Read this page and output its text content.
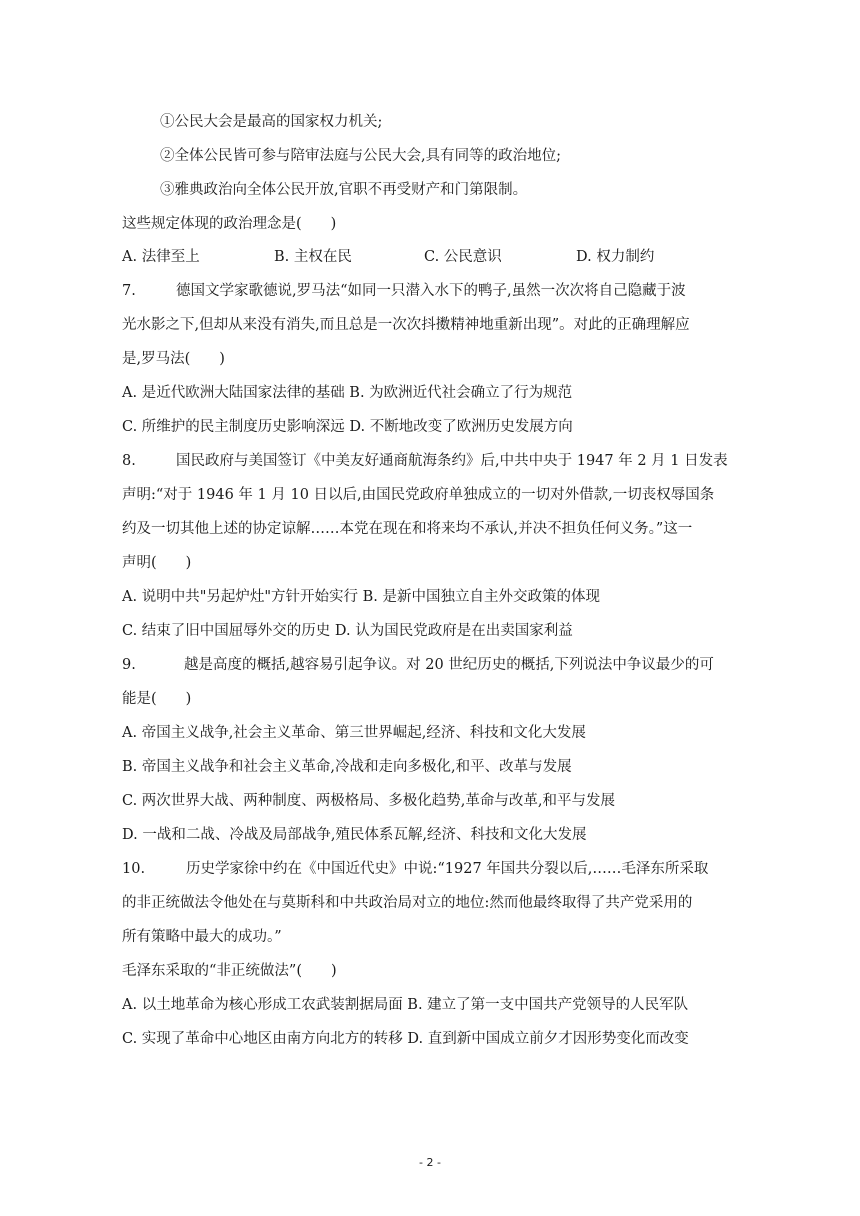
①公民大会是最高的国家权力机关;
②全体公民皆可参与陪审法庭与公民大会,具有同等的政治地位;
③雅典政治向全体公民开放,官职不再受财产和门第限制。
这些规定体现的政治理念是(　　)
A. 法律至上	B. 主权在民	C. 公民意识	D. 权力制约
7.	德国文学家歌德说,罗马法“如同一只潜入水下的鸭子,虽然一次次将自己隐藏于波
光水影之下,但却从来没有消失,而且总是一次次抖擞精神地重新出现”。对此的正确理解应
是,罗马法(　　)
A. 是近代欧洲大陆国家法律的基础 B. 为欧洲近代社会确立了行为规范
C. 所维护的民主制度历史影响深远 D. 不断地改变了欧洲历史发展方向
8.	国民政府与美国签订《中美友好通商航海条约》后,中共中央于 1947 年 2 月 1 日发表
声明:“对于 1946 年 1 月 10 日以后,由国民党政府单独成立的一切对外借款,一切丧权辱国条
约及一切其他上述的协定谅解……本党在现在和将来均不承认,并决不担负任何义务。”这一
声明(　　)
A. 说明中共"另起炉灶"方针开始实行 B. 是新中国独立自主外交政策的体现
C. 结束了旧中国屈辱外交的历史 D. 认为国民党政府是在出卖国家利益
9.	越是高度的概括,越容易引起争议。对 20 世纪历史的概括,下列说法中争议最少的可
能是(　　)
A. 帝国主义战争,社会主义革命、第三世界崛起,经济、科技和文化大发展
B. 帝国主义战争和社会主义革命,冷战和走向多极化,和平、改革与发展
C. 两次世界大战、两种制度、两极格局、多极化趋势,革命与改革,和平与发展
D. 一战和二战、冷战及局部战争,殖民体系瓦解,经济、科技和文化大发展
10.	历史学家徐中约在《中国近代史》中说:“1927 年国共分裂以后,……毛泽东所采取
的非正统做法令他处在与莫斯科和中共政治局对立的地位:然而他最终取得了共产党采用的
所有策略中最大的成功。”
毛泽东采取的“非正统做法”(　　)
A. 以土地革命为核心形成工农武装割据局面 B. 建立了第一支中国共产党领导的人民军队
C. 实现了革命中心地区由南方向北方的转移 D. 直到新中国成立前夕才因形势变化而改变
- 2 -
